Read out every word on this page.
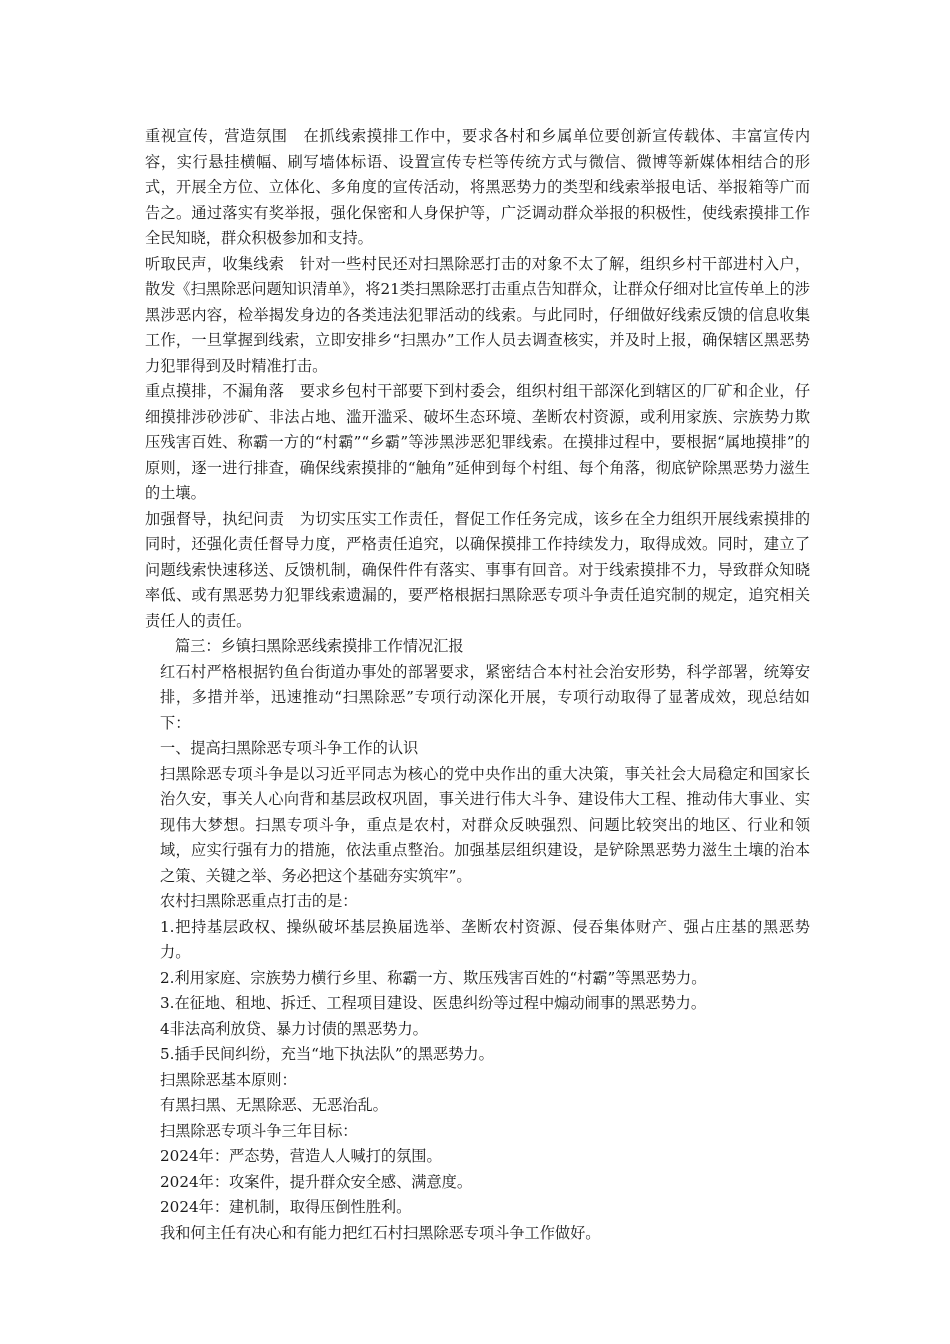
重视宣传，营造氛围　在抓线索摸排工作中，要求各村和乡属单位要创新宣传载体、丰富宣传内容，实行悬挂横幅、刷写墙体标语、设置宣传专栏等传统方式与微信、微博等新媒体相结合的形式，开展全方位、立体化、多角度的宣传活动，将黑恶势力的类型和线索举报电话、举报箱等广而告之。通过落实有奖举报，强化保密和人身保护等，广泛调动群众举报的积极性，使线索摸排工作全民知晓，群众积极参加和支持。

听取民声，收集线索　针对一些村民还对扫黑除恶打击的对象不太了解，组织乡村干部进村入户，散发《扫黑除恶问题知识清单》，将21类扫黑除恶打击重点告知群众，让群众仔细对比宣传单上的涉黑涉恶内容，检举揭发身边的各类违法犯罪活动的线索。与此同时，仔细做好线索反馈的信息收集工作，一旦掌握到线索，立即安排乡“扫黑办”工作人员去调查核实，并及时上报，确保辖区黑恶势力犯罪得到及时精准打击。

重点摸排，不漏角落　要求乡包村干部要下到村委会，组织村组干部深化到辖区的厂矿和企业，仔细摸排涉砂涉矿、非法占地、滥开滥采、破坏生态环境、垄断农村资源，或利用家族、宗族势力欺压残害百姓、称霸一方的“村霸”“乡霸”等涉黑涉恶犯罪线索。在摸排过程中，要根据“属地摸排”的原则，逐一进行排查，确保线索摸排的“触角”延伸到每个村组、每个角落，彻底铲除黑恶势力滋生的土壤。

加强督导，执纪问责　为切实压实工作责任，督促工作任务完成，该乡在全力组织开展线索摸排的同时，还强化责任督导力度，严格责任追究，以确保摸排工作持续发力，取得成效。同时，建立了问题线索快速移送、反馈机制，确保件件有落实、事事有回音。对于线索摸排不力，导致群众知晓率低、或有黑恶势力犯罪线索遗漏的，要严格根据扫黑除恶专项斗争责任追究制的规定，追究相关责任人的责任。

篇三：乡镇扫黑除恶线索摸排工作情况汇报

红石村严格根据钓鱼台街道办事处的部署要求，紧密结合本村社会治安形势，科学部署，统筹安排，多措并举，迅速推动“扫黑除恶”专项行动深化开展，专项行动取得了显著成效，现总结如下：

一、提高扫黑除恶专项斗争工作的认识

扫黑除恶专项斗争是以习近平同志为核心的党中央作出的重大决策，事关社会大局稳定和国家长治久安，事关人心向背和基层政权巩固，事关进行伟大斗争、建设伟大工程、推动伟大事业、实现伟大梦想。扫黑专项斗争，重点是农村，对群众反映强烈、问题比较突出的地区、行业和领域，应实行强有力的措施，依法重点整治。加强基层组织建设，是铲除黑恶势力滋生土壤的治本之策、关键之举、务必把这个基础夯实筑牢”。

农村扫黑除恶重点打击的是：

1.把持基层政权、操纵破坏基层换届选举、垄断农村资源、侵吞集体财产、强占庄基的黑恶势力。

2.利用家庭、宗族势力横行乡里、称霸一方、欺压残害百姓的“村霸”等黑恶势力。

3.在征地、租地、拆迁、工程项目建设、医患纠纷等过程中煽动闹事的黑恶势力。

4非法高利放贷、暴力讨债的黑恶势力。

5.插手民间纠纷，充当“地下执法队”的黑恶势力。

扫黑除恶基本原则：

有黑扫黑、无黑除恶、无恶治乱。

扫黑除恶专项斗争三年目标：

2024年：严态势，营造人人喊打的氛围。

2024年：攻案件，提升群众安全感、满意度。

2024年：建机制，取得压倒性胜利。

我和何主任有决心和有能力把红石村扫黑除恶专项斗争工作做好。
